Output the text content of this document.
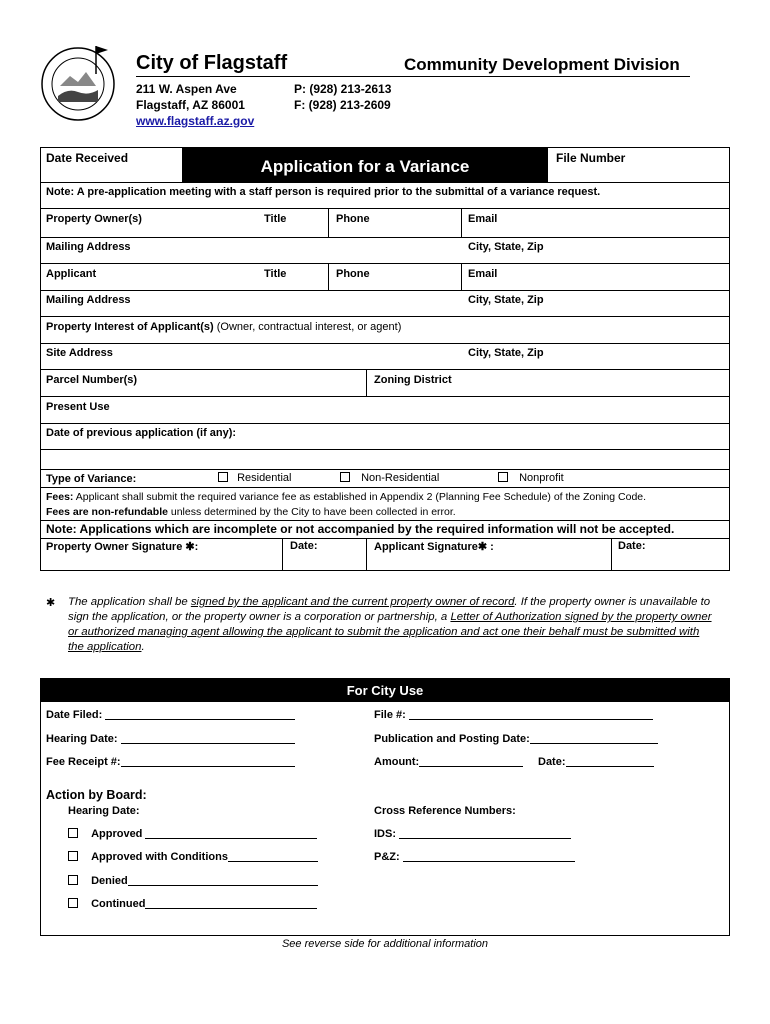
City of Flagstaff	Community Development Division
211 W. Aspen Ave
Flagstaff, AZ 86001
www.flagstaff.az.gov
P: (928) 213-2613
F: (928) 213-2609
Date Received	Application for a Variance	File Number
Note: A pre-application meeting with a staff person is required prior to the submittal of a variance request.
Property Owner(s)	Title	Phone	Email
Mailing Address	City, State, Zip
Applicant	Title	Phone	Email
Mailing Address	City, State, Zip
Property Interest of Applicant(s) (Owner, contractual interest, or agent)
Site Address	City, State, Zip
Parcel Number(s)	Zoning District
Present Use
Date of previous application (if any):
Type of Variance:	Residential	Non-Residential	Nonprofit
Fees: Applicant shall submit the required variance fee as established in Appendix 2 (Planning Fee Schedule) of the Zoning Code.
Fees are non-refundable unless determined by the City to have been collected in error.
Note: Applications which are incomplete or not accompanied by the required information will not be accepted.
Property Owner Signature ✱:	Date:	Applicant Signature✱ :	Date:
✱ The application shall be signed by the applicant and the current property owner of record. If the property owner is unavailable to sign the application, or the property owner is a corporation or partnership, a Letter of Authorization signed by the property owner or authorized managing agent allowing the applicant to submit the application and act one their behalf must be submitted with the application.
For City Use
Date Filed:	File #:
Hearing Date:	Publication and Posting Date:
Fee Receipt #:	Amount:	Date:
Action by Board:
Hearing Date:	Cross Reference Numbers:
Approved	IDS:
Approved with Conditions	P&Z:
Denied
Continued
See reverse side for additional information
